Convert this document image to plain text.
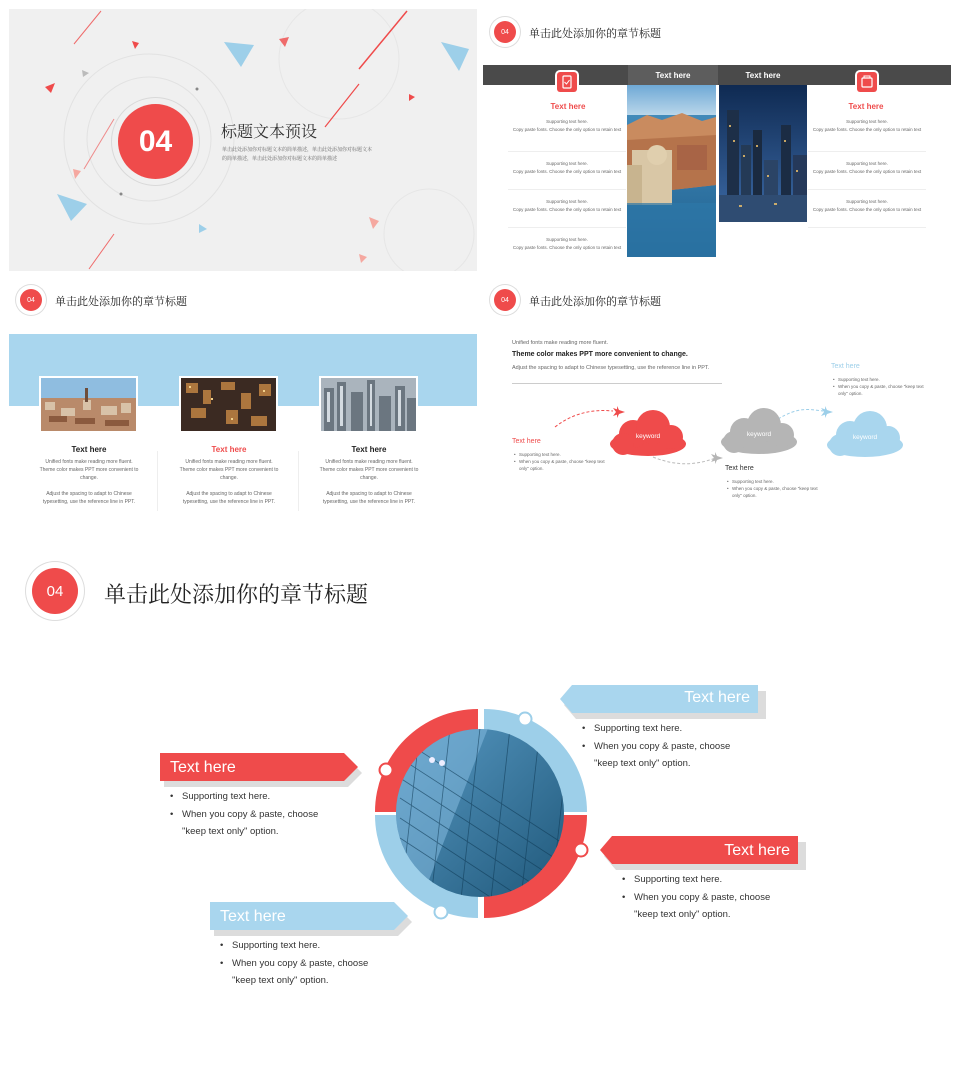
04	标题文本预设
单击此处添加你对标题文本的简单描述，单击此处添加你对标题文本
的简单描述，单击此处添加你对标题文本的简单描述
04 单击此处添加你的章节标题
Text here	Text here
Text here
Supporting text here.
Copy paste fonts. Choose the only option to retain text
Supporting text here.
Copy paste fonts. Choose the only option to retain text
Supporting text here.
Copy paste fonts. Choose the only option to retain text
Supporting text here.
Copy paste fonts. Choose the only option to retain text
Text here
Supporting text here.
Copy paste fonts. Choose the only option to retain text
Supporting text here.
Copy paste fonts. Choose the only option to retain text
Supporting text here.
Copy paste fonts. Choose the only option to retain text
04 单击此处添加你的章节标题
Text here
Unified fonts make reading more fluent.
Theme color makes PPT more convenient to
change.
Adjust the spacing to adapt to Chinese
typesetting, use the reference line in PPT.
Text here
Unified fonts make reading more fluent.
Theme color makes PPT more convenient to
change.
Adjust the spacing to adapt to Chinese
typesetting, use the reference line in PPT.
Text here
Unified fonts make reading more fluent.
Theme color makes PPT more convenient to
change.
Adjust the spacing to adapt to Chinese
typesetting, use the reference line in PPT.
04 单击此处添加你的章节标题
Unified fonts make reading more fluent.
Theme color makes PPT more convenient to change.
Adjust the spacing to adapt to Chinese typesetting, use the reference line in PPT.
keyword	keyword	keyword
Text here
• Supporting text here.
• When you copy & paste, choose "keep text
only" option.	Text here
• Supporting text here.
• When you copy & paste, choose "keep text
only" option.
Text here
• Supporting text here.
• When you copy & paste, choose "keep text
only" option.
04 单击此处添加你的章节标题
Text here
• Supporting text here.
• When you copy & paste, choose
"keep text only" option.
Text here
• Supporting text here.
• When you copy & paste, choose
"keep text only" option.
Text here
• Supporting text here.
• When you copy & paste, choose
"keep text only" option.
Text here
• Supporting text here.
• When you copy & paste, choose
"keep text only" option.
